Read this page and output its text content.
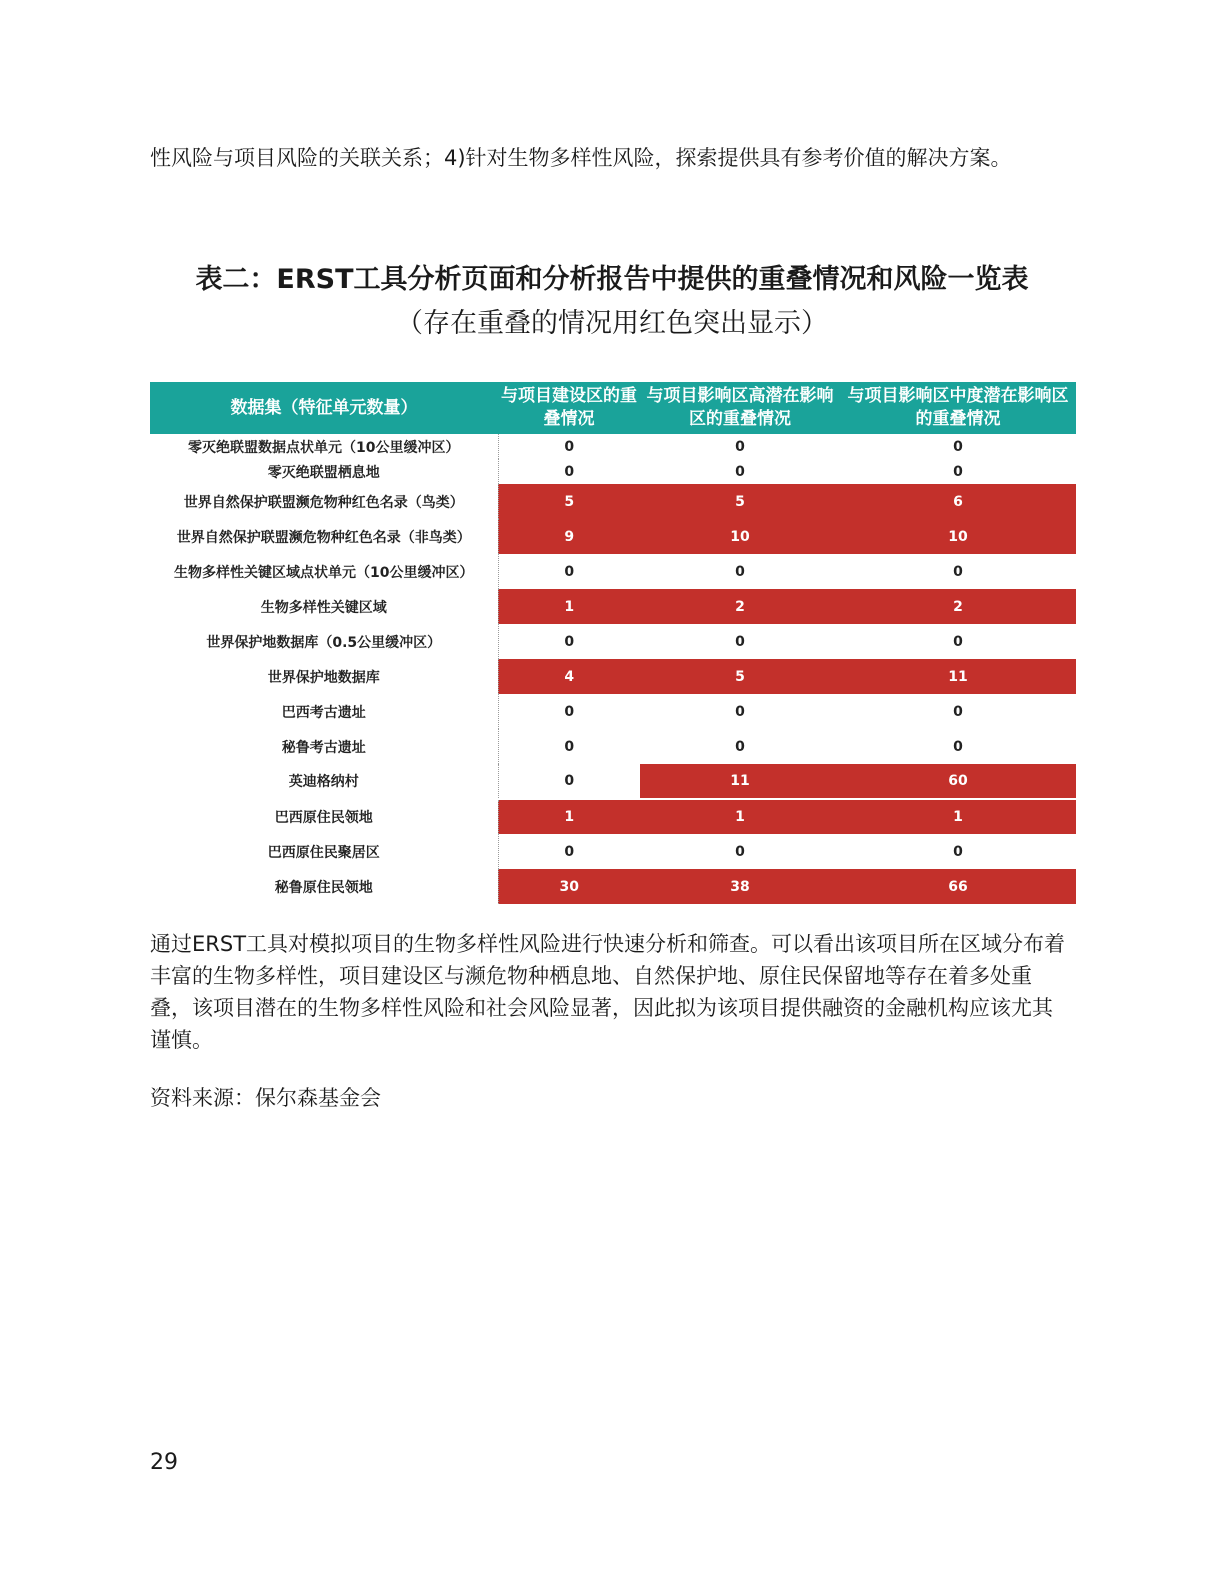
性风险与项目风险的关联关系；4)针对生物多样性风险，探索提供具有参考价值的解决方案。

表二：ERST工具分析页面和分析报告中提供的重叠情况和风险一览表
（存在重叠的情况用红色突出显示）
数据集（特征单元数量）	与项目建设区的重叠情况	与项目影响区高潜在影响区的重叠情况	与项目影响区中度潜在影响区的重叠情况
零灭绝联盟数据点状单元（10公里缓冲区）	0	0	0
零灭绝联盟栖息地	0	0	0
世界自然保护联盟濒危物种红色名录（鸟类）	5	5	6
世界自然保护联盟濒危物种红色名录（非鸟类）	9	10	10
生物多样性关键区域点状单元（10公里缓冲区）	0	0	0
生物多样性关键区域	1	2	2
世界保护地数据库（0.5公里缓冲区）	0	0	0
世界保护地数据库	4	5	11
巴西考古遗址	0	0	0
秘鲁考古遗址	0	0	0
英迪格纳村	0	11	60
巴西原住民领地	1	1	1
巴西原住民聚居区	0	0	0
秘鲁原住民领地	30	38	66

通过ERST工具对模拟项目的生物多样性风险进行快速分析和筛查。可以看出该项目所在区域分布着丰富的生物多样性，项目建设区与濒危物种栖息地、自然保护地、原住民保留地等存在着多处重叠，该项目潜在的生物多样性风险和社会风险显著，因此拟为该项目提供融资的金融机构应该尤其谨慎。

资料来源：保尔森基金会

29
